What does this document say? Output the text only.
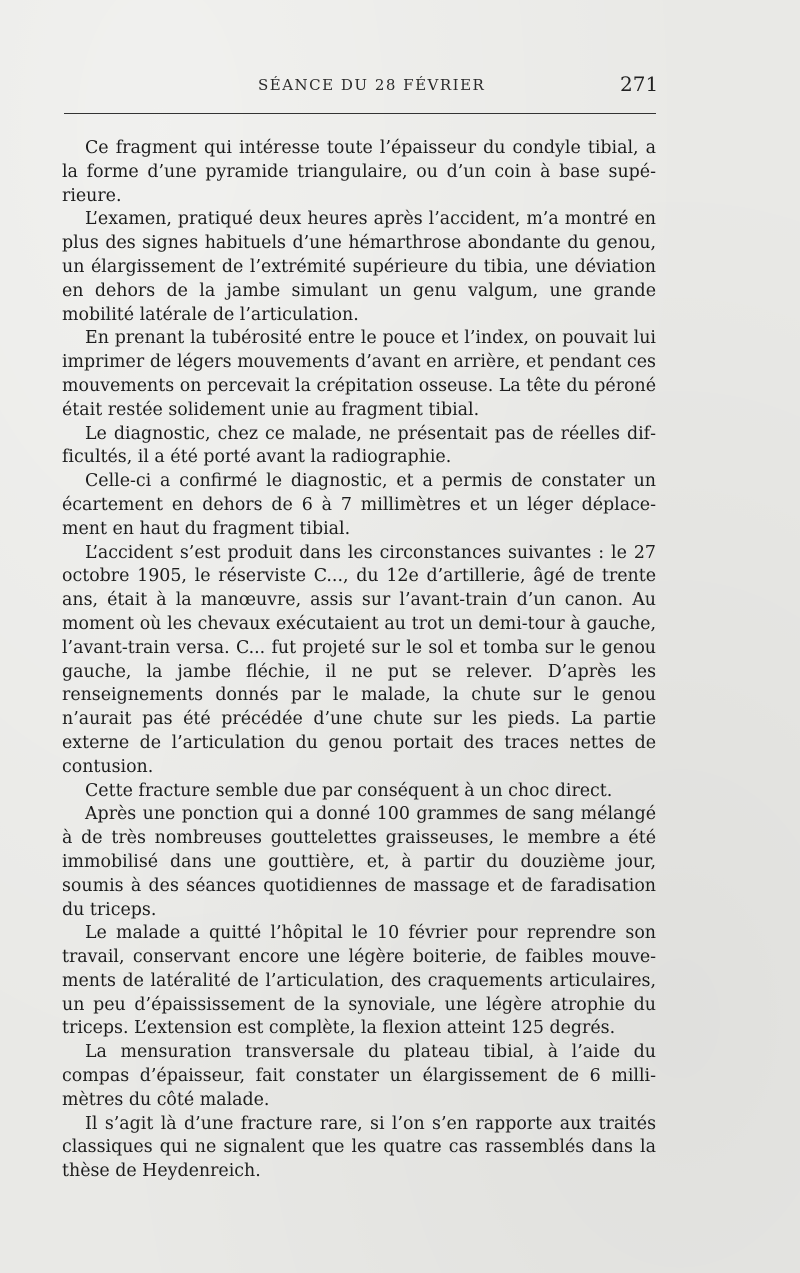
SÉANCE DU 28 FÉVRIER	271

Ce fragment qui intéresse toute l’épaisseur du condyle tibial, a la forme d’une pyramide triangulaire, ou d’un coin à base supérieure.

L’examen, pratiqué deux heures après l’accident, m’a montré en plus des signes habituels d’une hémarthrose abondante du genou, un élargissement de l’extrémité supérieure du tibia, une déviation en dehors de la jambe simulant un genu valgum, une grande mobilité latérale de l’articulation.

En prenant la tubérosité entre le pouce et l’index, on pouvait lui imprimer de légers mouvements d’avant en arrière, et pendant ces mouvements on percevait la crépitation osseuse. La tête du péroné était restée solidement unie au fragment tibial.

Le diagnostic, chez ce malade, ne présentait pas de réelles difficultés, il a été porté avant la radiographie.

Celle-ci a confirmé le diagnostic, et a permis de constater un écartement en dehors de 6 à 7 millimètres et un léger déplacement en haut du fragment tibial.

L’accident s’est produit dans les circonstances suivantes : le 27 octobre 1905, le réserviste C..., du 12e d’artillerie, âgé de trente ans, était à la manœuvre, assis sur l’avant-train d’un canon. Au moment où les chevaux exécutaient au trot un demi-tour à gauche, l’avant-train versa. C... fut projeté sur le sol et tomba sur le genou gauche, la jambe fléchie, il ne put se relever. D’après les renseignements donnés par le malade, la chute sur le genou n’aurait pas été précédée d’une chute sur les pieds. La partie externe de l’articulation du genou portait des traces nettes de contusion.

Cette fracture semble due par conséquent à un choc direct.

Après une ponction qui a donné 100 grammes de sang mélangé à de très nombreuses gouttelettes graisseuses, le membre a été immobilisé dans une gouttière, et, à partir du douzième jour, soumis à des séances quotidiennes de massage et de faradisation du triceps.

Le malade a quitté l’hôpital le 10 février pour reprendre son travail, conservant encore une légère boiterie, de faibles mouvements de latéralité de l’articulation, des craquements articulaires, un peu d’épaississement de la synoviale, une légère atrophie du triceps. L’extension est complète, la flexion atteint 125 degrés.

La mensuration transversale du plateau tibial, à l’aide du compas d’épaisseur, fait constater un élargissement de 6 millimètres du côté malade.

Il s’agit là d’une fracture rare, si l’on s’en rapporte aux traités classiques qui ne signalent que les quatre cas rassemblés dans la thèse de Heydenreich.
